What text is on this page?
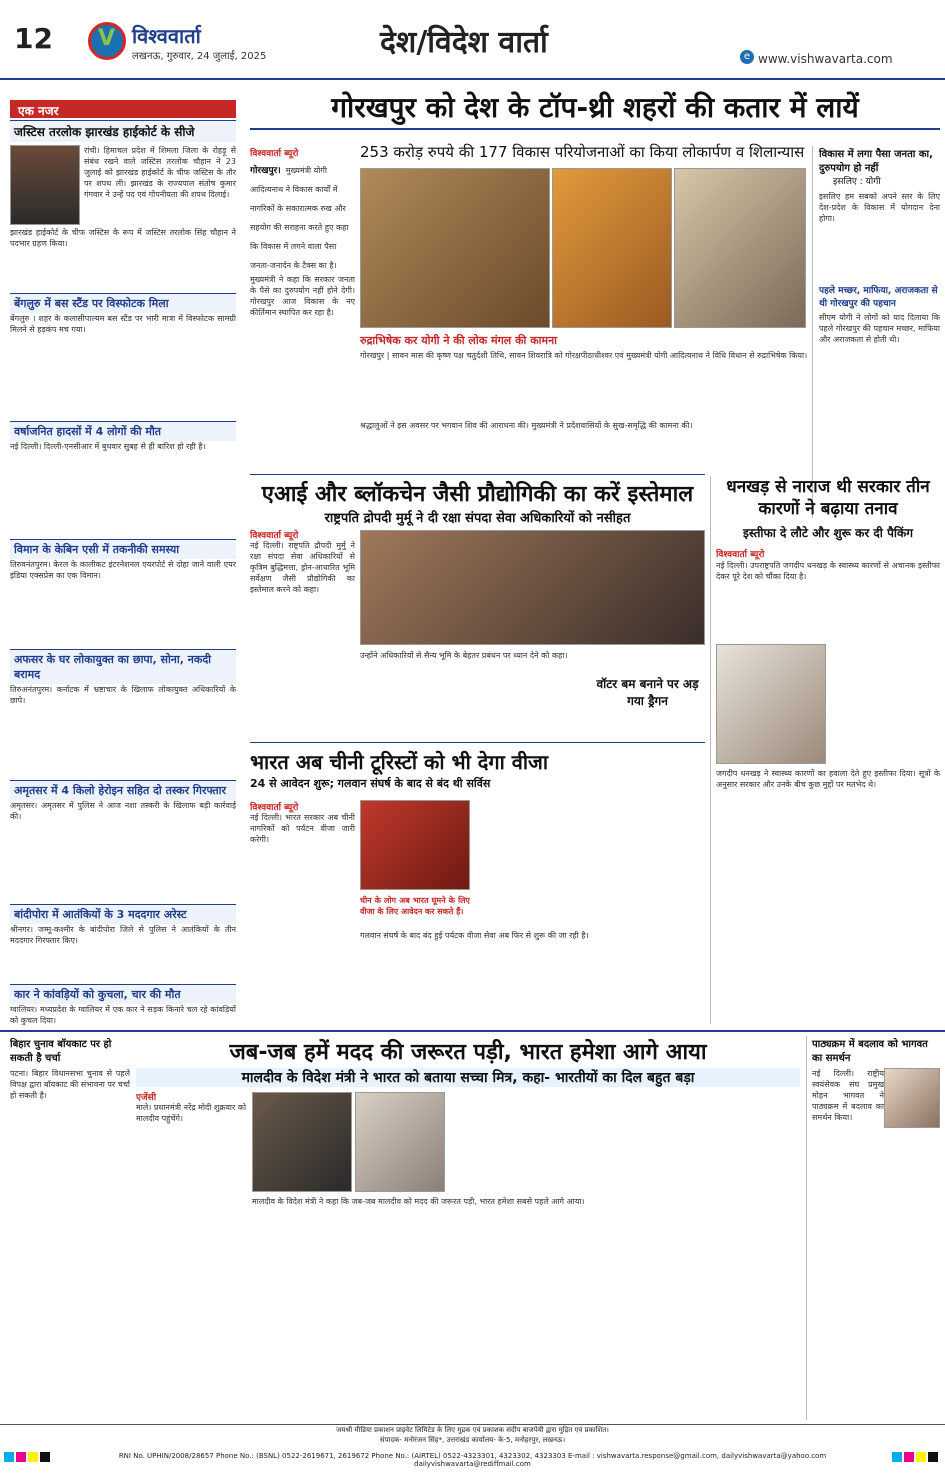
12 V विश्ववार्ता
लखनऊ, गुरुवार, 24 जुलाई, 2025	देश/विदेश वार्ता	e www.vishwavarta.com
एक नजर
जस्टिस तरलोक झारखंड हाईकोर्ट के सीजे
रांची। हिमाचल प्रदेश में शिमला जिला के रोहड़ू से संबंध रखने वाले जस्टिस तरलोक चौहान ने 23 जुलाई को झारखंड हाईकोर्ट के चीफ जस्टिस के तौर पर शपथ ली। झारखंड के राज्यपाल संतोष कुमार गंगवार ने उन्हें पद एवं गोपनीयता की शपथ दिलाई।
झारखंड हाईकोर्ट के चीफ जस्टिस के रूप में जस्टिस तरलोक सिंह चौहान ने पदभार ग्रहण किया।
बेंगलुरु में बस स्टैंड पर विस्फोटक मिला
बेंगलुरु । शहर के कलासीपाल्यम बस स्टैंड पर भारी मात्रा में विस्फोटक सामग्री मिलने से हड़कंप मच गया।
वर्षाजनित हादसों में 4 लोगों की मौत
नई दिल्ली। दिल्ली-एनसीआर में बुधवार सुबह से ही बारिश हो रही है।
विमान के केबिन एसी में तकनीकी समस्या
तिरुवनंतपुरम। केरल के कालीकट इंटरनेशनल एयरपोर्ट से दोहा जाने वाली एयर इंडिया एक्सप्रेस का एक विमान।
अफसर के घर लोकायुक्त का छापा, सोना, नकदी बरामद
तिरुअनंतपुरम। कर्नाटक में भ्रष्टाचार के खिलाफ लोकायुक्त अधिकारियों के छापे।
अमृतसर में 4 किलो हेरोइन सहित दो तस्कर गिरफ्तार
अमृतसर। अमृतसर में पुलिस ने आज नशा तस्करी के खिलाफ बड़ी कार्रवाई की।
बांदीपोरा में आतंकियों के 3 मददगार अरेस्ट
श्रीनगर। जम्मू-कश्मीर के बांदीपोरा जिले से पुलिस ने आतंकियों के तीन मददगार गिरफ्तार किए।
कार ने कांवड़ियों को कुचला, चार की मौत
ग्वालियर। मध्यप्रदेश के ग्वालियर में एक कार ने सड़क किनारे चल रहे कांवड़ियों को कुचल दिया।
गोरखपुर को देश के टॉप-थ्री शहरों की कतार में लायें
253 करोड़ रुपये की 177 विकास परियोजनाओं का किया लोकार्पण व शिलान्यास
विश्ववार्ता ब्यूरो
गोरखपुर। मुख्यमंत्री योगी आदित्यनाथ ने विकास कार्यों में नागरिकों के सकारात्मक रुख और सहयोग की सराहना करते हुए कहा कि विकास में लगने वाला पैसा जनता-जनार्दन के टैक्स का है।
मुख्यमंत्री ने कहा कि सरकार जनता के पैसे का दुरुपयोग नहीं होने देगी। गोरखपुर आज विकास के नए कीर्तिमान स्थापित कर रहा है।
रुद्राभिषेक कर योगी ने की लोक मंगल की कामना
गोरखपुर | सावन मास की कृष्ण पक्ष चतुर्दशी तिथि, सावन शिवरात्रि को गोरक्षपीठाधीश्वर एवं मुख्यमंत्री योगी आदित्यनाथ ने विधि विधान से रुद्राभिषेक किया।
श्रद्धालुओं ने इस अवसर पर भगवान शिव की आराधना की। मुख्यमंत्री ने प्रदेशवासियों के सुख-समृद्धि की कामना की।
विकास में लगा पैसा जनता का, दुरुपयोग हो नहीं
इसलिए : योगी
इसलिए हम सबको अपने स्तर के लिए देश-प्रदेश के विकास में योगदान देना होगा।
पहले मच्छर, माफिया, अराजकता से थी गोरखपुर की पहचान
सीएम योगी ने लोगों को याद दिलाया कि पहले गोरखपुर की पहचान मच्छर, माफिया और अराजकता से होती थी।
एआई और ब्लॉकचेन जैसी प्रौद्योगिकी का करें इस्तेमाल
राष्ट्रपति द्रोपदी मुर्मू ने दी रक्षा संपदा सेवा अधिकारियों को नसीहत
विश्ववार्ता ब्यूरो
नई दिल्ली। राष्ट्रपति द्रौपदी मुर्मु ने रक्षा संपदा सेवा अधिकारियों से कृत्रिम बुद्धिमत्ता, ड्रोन-आधारित भूमि सर्वेक्षण जैसी प्रौद्योगिकी का इस्तेमाल करने को कहा।
उन्होंने अधिकारियों से सैन्य भूमि के बेहतर प्रबंधन पर ध्यान देने को कहा।
वॉटर बम बनाने पर अड़ गया ड्रैगन
धनखड़ से नाराज थी सरकार तीन कारणों ने बढ़ाया तनाव
इस्तीफा दे लौटे और शुरू कर दी पैकिंग
विश्ववार्ता ब्यूरो
नई दिल्ली। उपराष्ट्रपति जगदीप धनखड़ के स्वास्थ्य कारणों से अचानक इस्तीफा देकर पूरे देश को चौंका दिया है।
जगदीप धनखड़ ने स्वास्थ्य कारणों का हवाला देते हुए इस्तीफा दिया। सूत्रों के अनुसार सरकार और उनके बीच कुछ मुद्दों पर मतभेद थे।
भारत अब चीनी टूरिस्टों को भी देगा वीजा
24 से आवेदन शुरू; गलवान संघर्ष के बाद से बंद थी सर्विस
विश्ववार्ता ब्यूरो
नई दिल्ली। भारत सरकार अब चीनी नागरिकों को पर्यटन वीजा जारी करेगी।
चीन के लोग अब भारत घूमने के लिए वीजा के लिए आवेदन कर सकते हैं।
गलवान संघर्ष के बाद बंद हुई पर्यटक वीजा सेवा अब फिर से शुरू की जा रही है।
बिहार चुनाव बॉयकाट पर हो सकती है चर्चा
पटना। बिहार विधानसभा चुनाव से पहले विपक्ष द्वारा बॉयकाट की संभावना पर चर्चा हो सकती है।
जब-जब हमें मदद की जरूरत पड़ी, भारत हमेशा आगे आया
मालदीव के विदेश मंत्री ने भारत को बताया सच्चा मित्र, कहा- भारतीयों का दिल बहुत बड़ा
एजेंसी
माले। प्रधानमंत्री नरेंद्र मोदी शुक्रवार को मालदीव पहुंचेंगे।
मालदीव के विदेश मंत्री ने कहा कि जब-जब मालदीव को मदद की जरूरत पड़ी, भारत हमेशा सबसे पहले आगे आया।
पाठ्यक्रम में बदलाव को भागवत का समर्थन
नई दिल्ली। राष्ट्रीय स्वयंसेवक संघ प्रमुख मोहन भागवत ने पाठ्यक्रम में बदलाव का समर्थन किया।
जयश्री मीडिया प्रकाशन प्राइवेट लिमिटेड के लिए मुद्रक एवं प्रकाशक संदीप बाजपेयी द्वारा मुद्रित एवं प्रकाशित।
संपादक- मनोरंजन सिंह*, उत्तराखंड कार्यालय- के-5, मनोहरपुर, लखनऊ।
RNI No. UPHIN/2008/28657 Phone No.: (BSNL) 0522-2619671, 2619672 Phone No.: (AIRTEL) 0522-4323301, 4323302, 4323303 E-mail : vishwavarta.response@gmail.com, dailyvishwavarta@yahoo.com dailyvishwavarta@rediffmail.com
